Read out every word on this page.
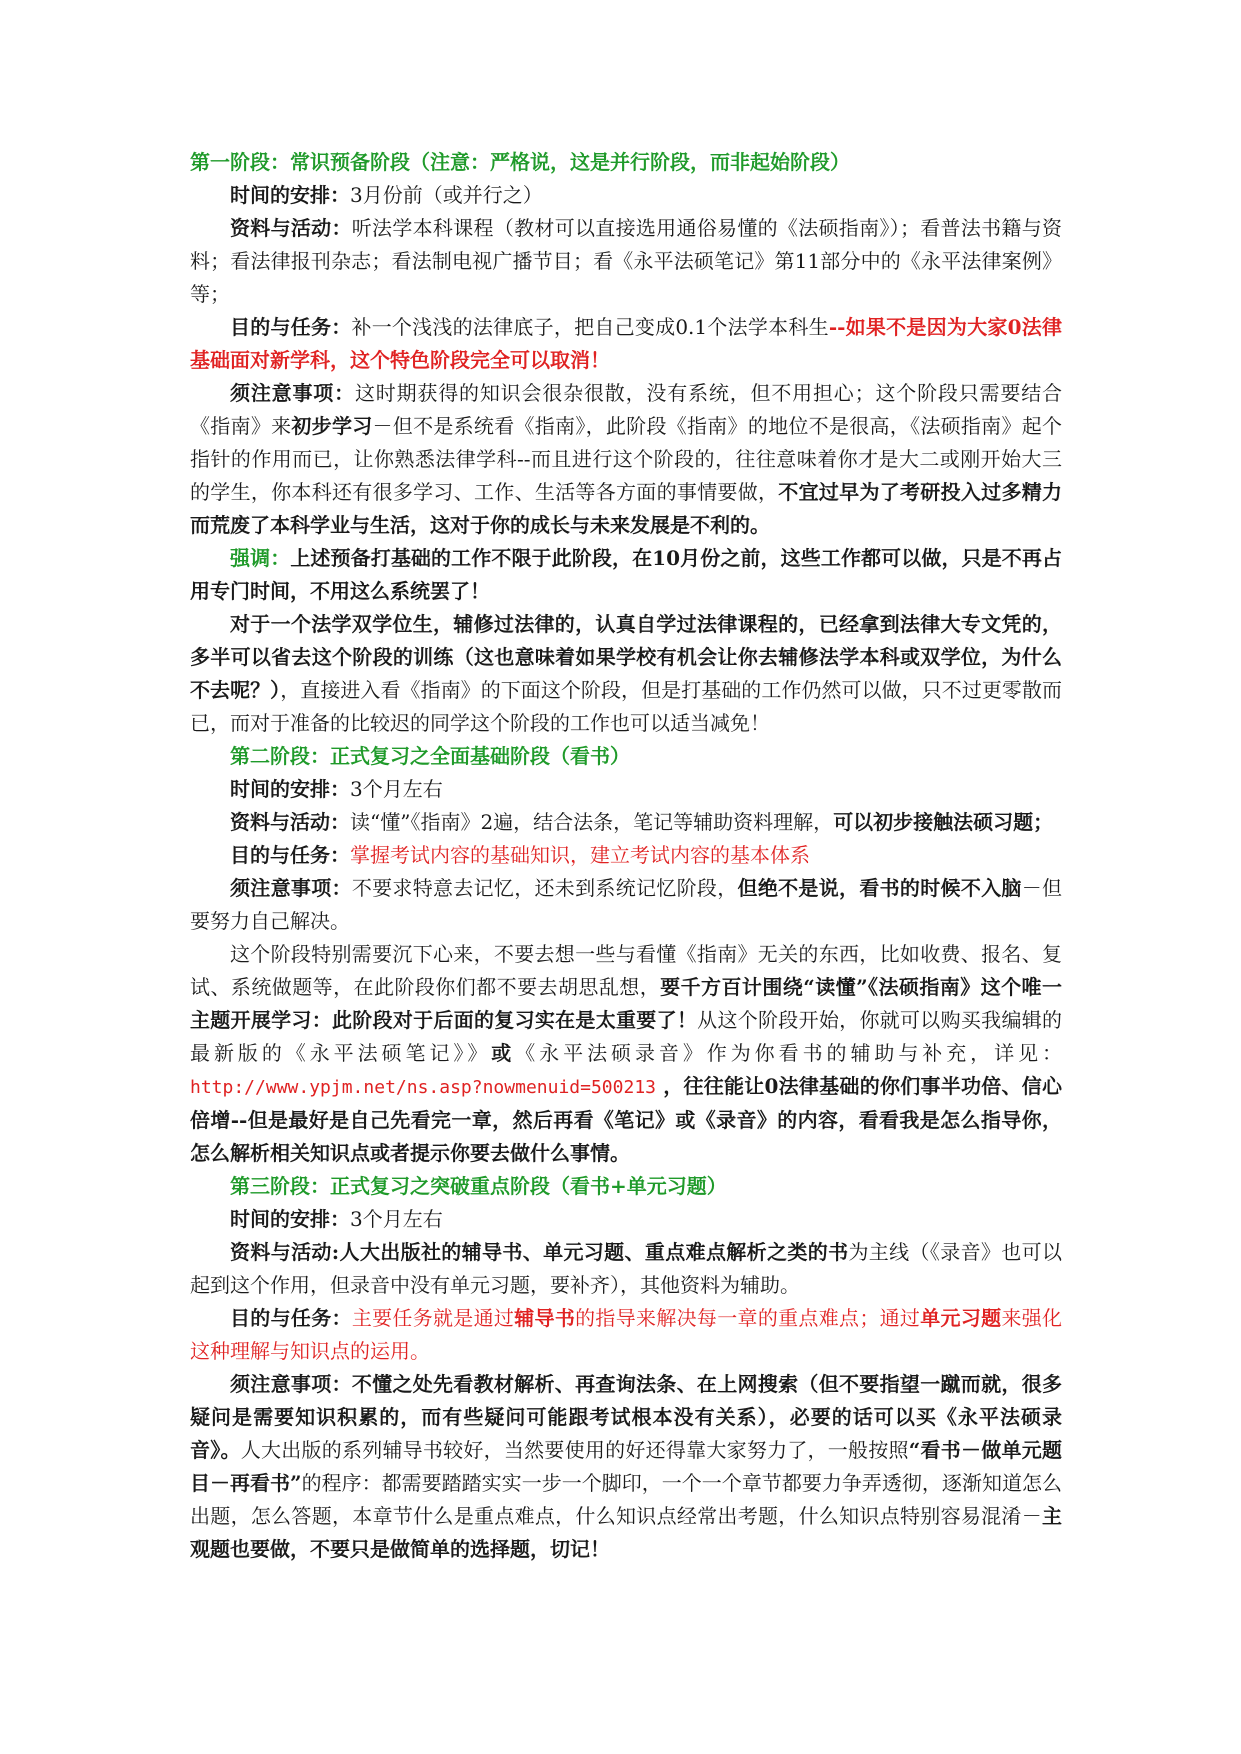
第一阶段：常识预备阶段（注意：严格说，这是并行阶段，而非起始阶段）

时间的安排：3月份前（或并行之）

资料与活动：听法学本科课程（教材可以直接选用通俗易懂的《法硕指南》）；看普法书籍与资料；看法律报刊杂志；看法制电视广播节目；看《永平法硕笔记》第11部分中的《永平法律案例》等；

目的与任务：补一个浅浅的法律底子，把自己变成0.1个法学本科生--如果不是因为大家0法律基础面对新学科，这个特色阶段完全可以取消！

须注意事项：这时期获得的知识会很杂很散，没有系统，但不用担心；这个阶段只需要结合《指南》来初步学习－但不是系统看《指南》，此阶段《指南》的地位不是很高，《法硕指南》起个指针的作用而已，让你熟悉法律学科--而且进行这个阶段的，往往意味着你才是大二或刚开始大三的学生，你本科还有很多学习、工作、生活等各方面的事情要做，不宜过早为了考研投入过多精力而荒废了本科学业与生活，这对于你的成长与未来发展是不利的。

强调：上述预备打基础的工作不限于此阶段，在10月份之前，这些工作都可以做，只是不再占用专门时间，不用这么系统罢了！

对于一个法学双学位生，辅修过法律的，认真自学过法律课程的，已经拿到法律大专文凭的，多半可以省去这个阶段的训练（这也意味着如果学校有机会让你去辅修法学本科或双学位，为什么不去呢？），直接进入看《指南》的下面这个阶段，但是打基础的工作仍然可以做，只不过更零散而已，而对于准备的比较迟的同学这个阶段的工作也可以适当减免！

第二阶段：正式复习之全面基础阶段（看书）

时间的安排：3个月左右

资料与活动：读“懂”《指南》2遍，结合法条，笔记等辅助资料理解，可以初步接触法硕习题；

目的与任务：掌握考试内容的基础知识，建立考试内容的基本体系

须注意事项：不要求特意去记忆，还未到系统记忆阶段，但绝不是说，看书的时候不入脑－但要努力自己解决。

这个阶段特别需要沉下心来，不要去想一些与看懂《指南》无关的东西，比如收费、报名、复试、系统做题等，在此阶段你们都不要去胡思乱想，要千方百计围绕“读懂”《法硕指南》这个唯一主题开展学习：此阶段对于后面的复习实在是太重要了！从这个阶段开始，你就可以购买我编辑的最新版的《永平法硕笔记》》或《永平法硕录音》作为你看书的辅助与补充，详见：http://www.ypjm.net/ns.asp?nowmenuid=500213 ，往往能让0法律基础的你们事半功倍、信心倍增--但是最好是自己先看完一章，然后再看《笔记》或《录音》的内容，看看我是怎么指导你，怎么解析相关知识点或者提示你要去做什么事情。

第三阶段：正式复习之突破重点阶段（看书+单元习题）

时间的安排：3个月左右

资料与活动:人大出版社的辅导书、单元习题、重点难点解析之类的书为主线（《录音》也可以起到这个作用，但录音中没有单元习题，要补齐），其他资料为辅助。

目的与任务：主要任务就是通过辅导书的指导来解决每一章的重点难点；通过单元习题来强化这种理解与知识点的运用。

须注意事项：不懂之处先看教材解析、再查询法条、在上网搜索（但不要指望一蹴而就，很多疑问是需要知识积累的，而有些疑问可能跟考试根本没有关系），必要的话可以买《永平法硕录音》。人大出版的系列辅导书较好，当然要使用的好还得靠大家努力了，一般按照“看书－做单元题目－再看书”的程序：都需要踏踏实实一步一个脚印，一个一个章节都要力争弄透彻，逐渐知道怎么出题，怎么答题，本章节什么是重点难点，什么知识点经常出考题，什么知识点特别容易混淆－主观题也要做，不要只是做简单的选择题，切记！
